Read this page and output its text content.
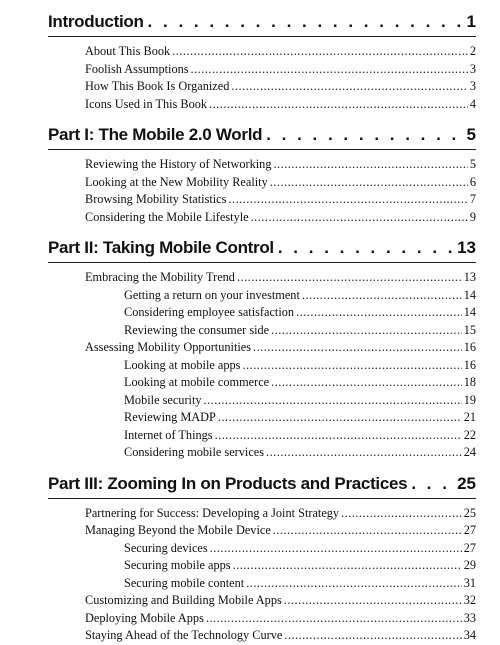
Introduction . . .	1
About This Book .....	2
Foolish Assumptions .....	3
How This Book Is Organized .....	3
Icons Used in This Book .....	4
Part I: The Mobile 2.0 World . . .	5
Reviewing the History of Networking .....	5
Looking at the New Mobility Reality .....	6
Browsing Mobility Statistics .....	7
Considering the Mobile Lifestyle .....	9
Part II: Taking Mobile Control . . .	13
Embracing the Mobility Trend .....	13
Getting a return on your investment .....	14
Considering employee satisfaction .....	14
Reviewing the consumer side .....	15
Assessing Mobility Opportunities .....	16
Looking at mobile apps .....	16
Looking at mobile commerce .....	18
Mobile security .....	19
Reviewing MADP .....	21
Internet of Things .....	22
Considering mobile services .....	24
Part III: Zooming In on Products and Practices . . .	25
Partnering for Success: Developing a Joint Strategy .....	25
Managing Beyond the Mobile Device .....	27
Securing devices .....	27
Securing mobile apps .....	29
Securing mobile content .....	31
Customizing and Building Mobile Apps .....	32
Deploying Mobile Apps .....	33
Staying Ahead of the Technology Curve .....	34
